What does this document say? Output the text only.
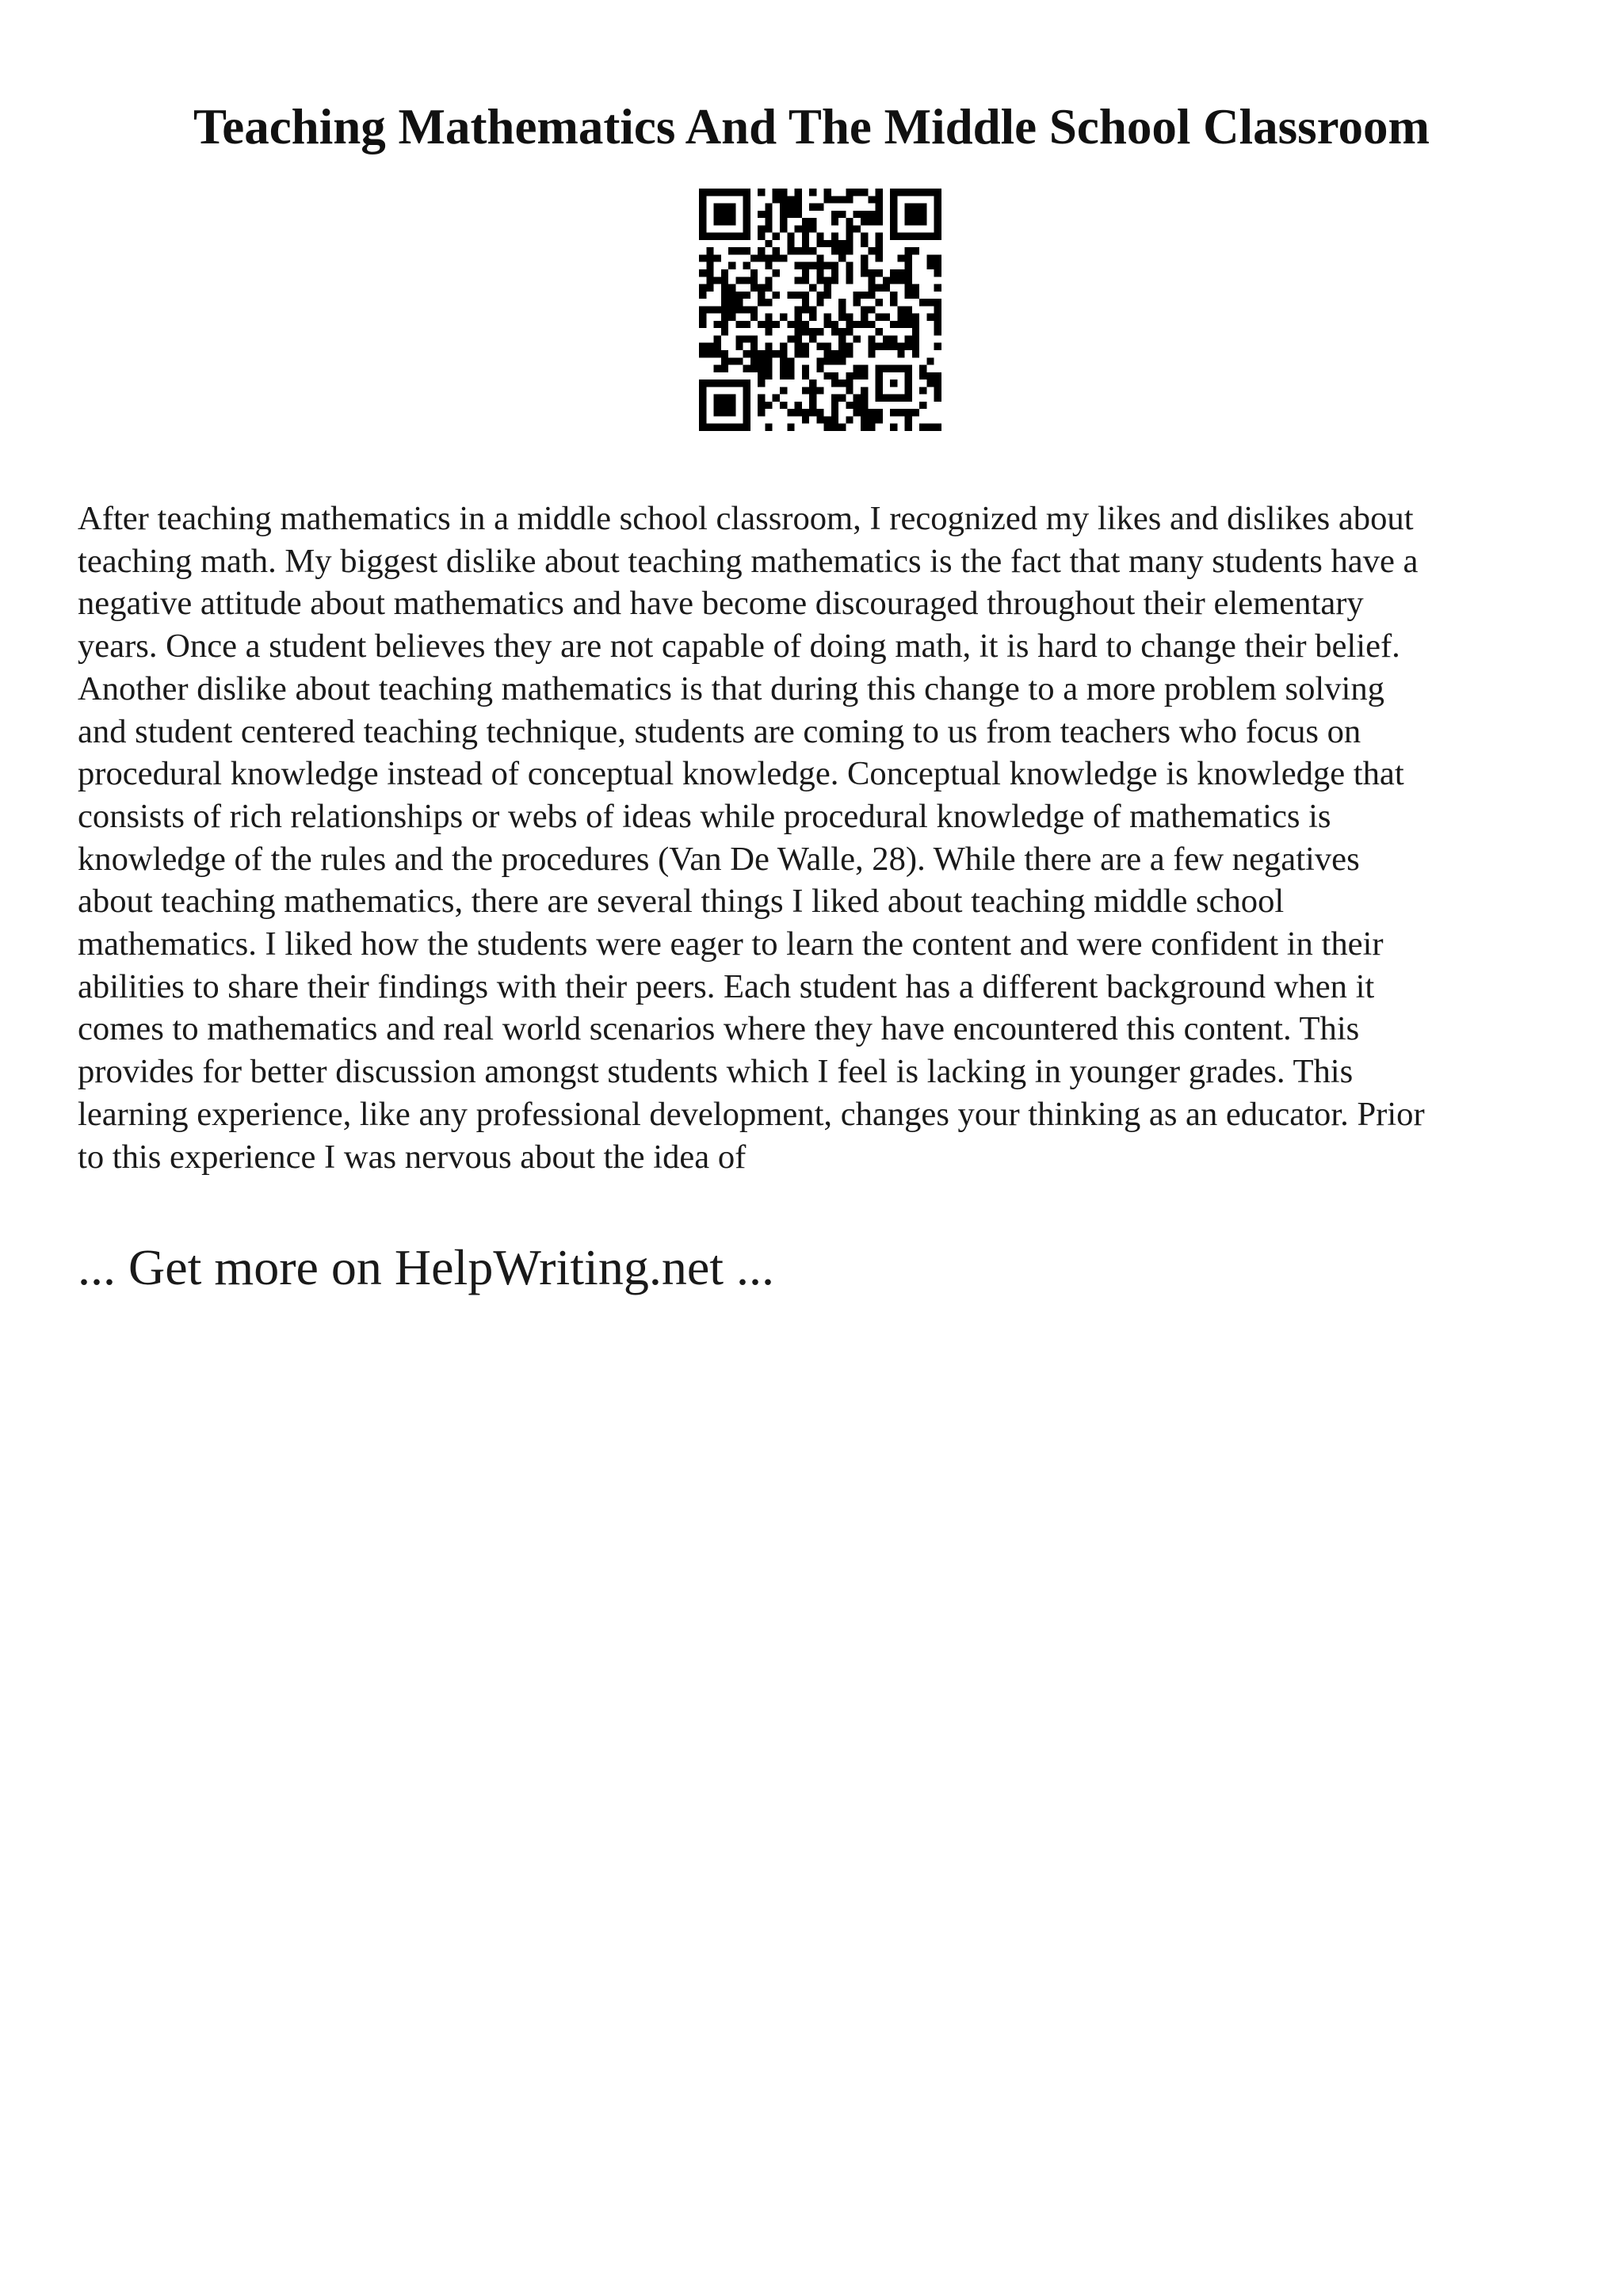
Teaching Mathematics And The Middle School Classroom
After teaching mathematics in a middle school classroom, I recognized my likes and dislikes about
teaching math. My biggest dislike about teaching mathematics is the fact that many students have a
negative attitude about mathematics and have become discouraged throughout their elementary
years. Once a student believes they are not capable of doing math, it is hard to change their belief.
Another dislike about teaching mathematics is that during this change to a more problem solving
and student centered teaching technique, students are coming to us from teachers who focus on
procedural knowledge instead of conceptual knowledge. Conceptual knowledge is knowledge that
consists of rich relationships or webs of ideas while procedural knowledge of mathematics is
knowledge of the rules and the procedures (Van De Walle, 28). While there are a few negatives
about teaching mathematics, there are several things I liked about teaching middle school
mathematics. I liked how the students were eager to learn the content and were confident in their
abilities to share their findings with their peers. Each student has a different background when it
comes to mathematics and real world scenarios where they have encountered this content. This
provides for better discussion amongst students which I feel is lacking in younger grades. This
learning experience, like any professional development, changes your thinking as an educator. Prior
to this experience I was nervous about the idea of
... Get more on HelpWriting.net ...
